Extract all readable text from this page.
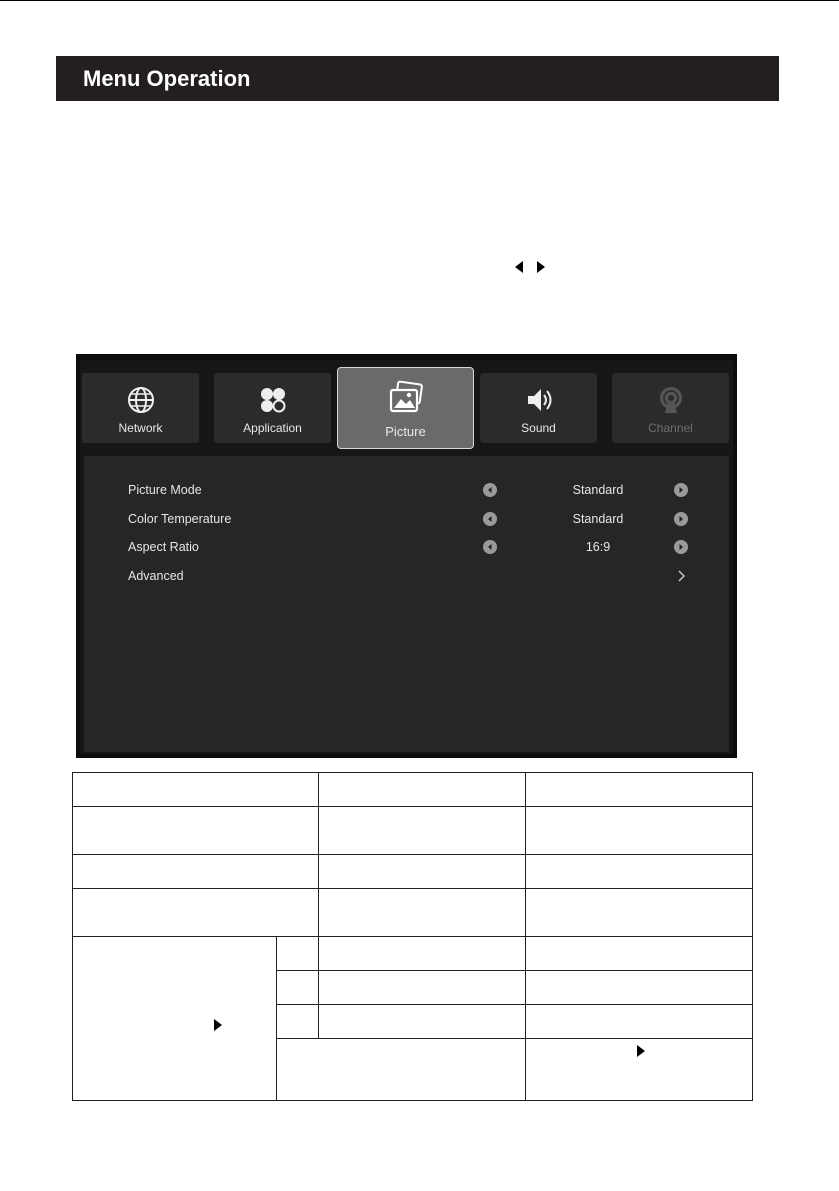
Menu Operation
Network	Application	Picture	Sound	Channel
Picture Mode	Standard
Color Temperature	Standard
Aspect Ratio	16:9
Advanced
